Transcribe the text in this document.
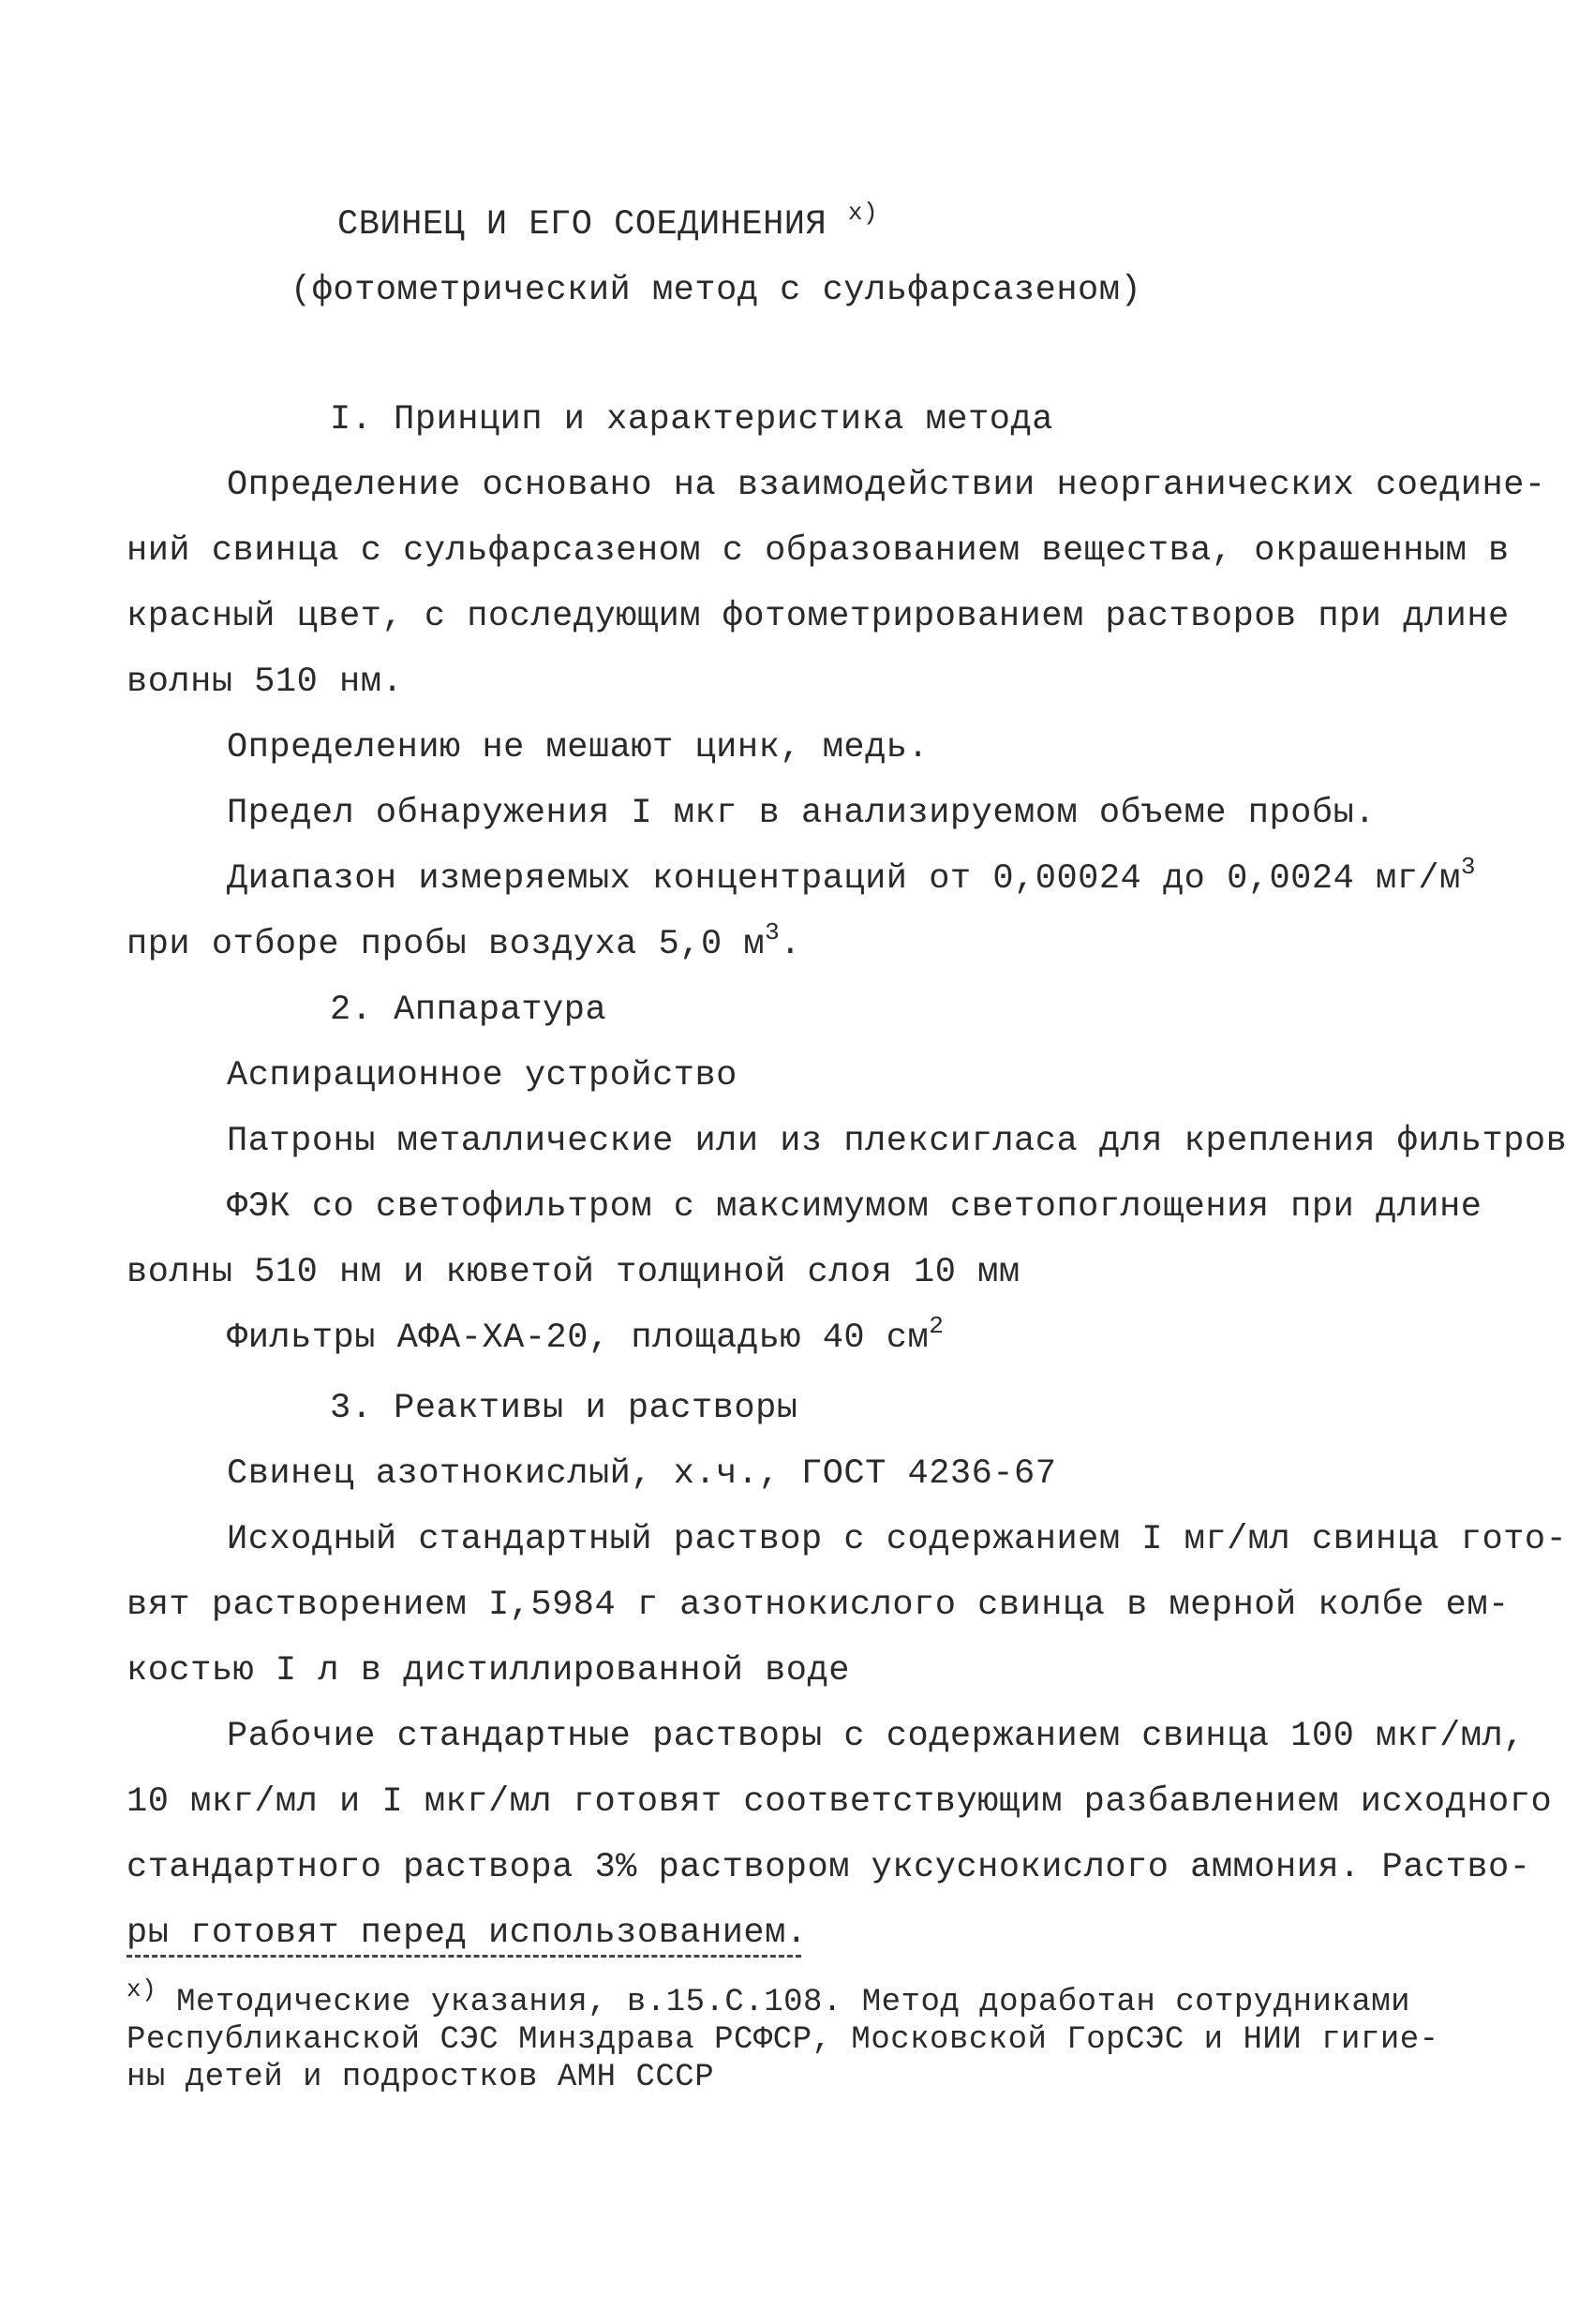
СВИНЕЦ И ЕГО СОЕДИНЕНИЯ $^{х)}$
(фотометрический метод с сульфарсазеном)
I. Принцип и характеристика метода
Определение основано на взаимодействии неорганических соедине-
ний свинца с сульфарсазеном с образованием вещества, окрашенным в
красный цвет, с последующим фотометрированием растворов при длине
волны 510 нм.
Определению не мешают цинк, медь.
Предел обнаружения I мкг в анализируемом объеме пробы.
Диапазон измеряемых концентраций от 0,00024 до 0,0024 $мг/м^3$
при отборе пробы воздуха 5,0 $м^3$.
2. Аппаратура
Аспирационное устройство
Патроны металлические или из плексигласа для крепления фильтров
ФЭК со светофильтром с максимумом светопоглощения при длине
волны 510 нм и кюветой толщиной слоя 10 мм
Фильтры АФА-ХА-20, площадью 40 $см^2$
3. Реактивы и растворы
Свинец азотнокислый, х.ч., ГОСТ 4236-67
Исходный стандартный раствор с содержанием I мг/мл свинца гото-
вят растворением I,5984 г азотнокислого свинца в мерной колбе ем-
костью I л в дистиллированной воде
Рабочие стандартные растворы с содержанием свинца 100 мкг/мл,
10 мкг/мл и I мкг/мл готовят соответствующим разбавлением исходного
стандартного раствора 3% раствором уксуснокислого аммония. Раство-
ры готовят перед использованием.
$^{х)}$ Методические указания, в.15.С.108. Метод доработан сотрудниками
Республиканской СЭС Минздрава РСФСР, Московской ГорСЭС и НИИ гигие-
ны детей и подростков АМН СССР
